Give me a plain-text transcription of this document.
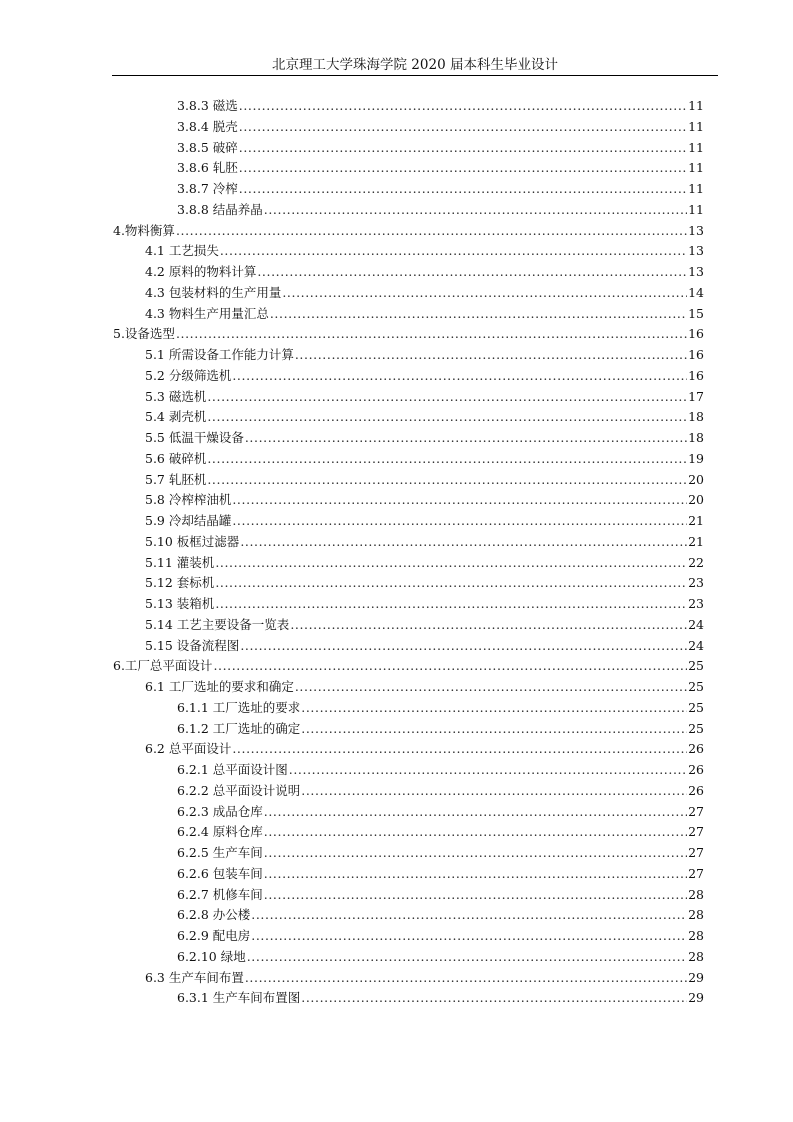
北京理工大学珠海学院 2020 届本科生毕业设计
3.8.3 磁选 .....	11
3.8.4 脱壳 .....	11
3.8.5 破碎 .....	11
3.8.6 轧胚 .....	11
3.8.7 冷榨 .....	11
3.8.8 结晶养晶 .....	11
4.物料衡算 .....	13
4.1 工艺损失 .....	13
4.2 原料的物料计算 .....	13
4.3 包装材料的生产用量 .....	14
4.3 物料生产用量汇总 .....	15
5.设备选型 .....	16
5.1 所需设备工作能力计算 .....	16
5.2 分级筛选机 .....	16
5.3 磁选机 .....	17
5.4 剥壳机 .....	18
5.5 低温干燥设备 .....	18
5.6 破碎机 .....	19
5.7 轧胚机 .....	20
5.8 冷榨榨油机 .....	20
5.9 冷却结晶罐 .....	21
5.10 板框过滤器 .....	21
5.11 灌装机 .....	22
5.12 套标机 .....	23
5.13 装箱机 .....	23
5.14 工艺主要设备一览表 .....	24
5.15 设备流程图 .....	24
6.工厂总平面设计 .....	25
6.1 工厂选址的要求和确定 .....	25
6.1.1 工厂选址的要求 .....	25
6.1.2 工厂选址的确定 .....	25
6.2 总平面设计 .....	26
6.2.1 总平面设计图 .....	26
6.2.2 总平面设计说明 .....	26
6.2.3 成品仓库 .....	27
6.2.4 原料仓库 .....	27
6.2.5 生产车间 .....	27
6.2.6 包装车间 .....	27
6.2.7 机修车间 .....	28
6.2.8 办公楼 .....	28
6.2.9 配电房 .....	28
6.2.10 绿地 .....	28
6.3 生产车间布置 .....	29
6.3.1 生产车间布置图 .....	29
